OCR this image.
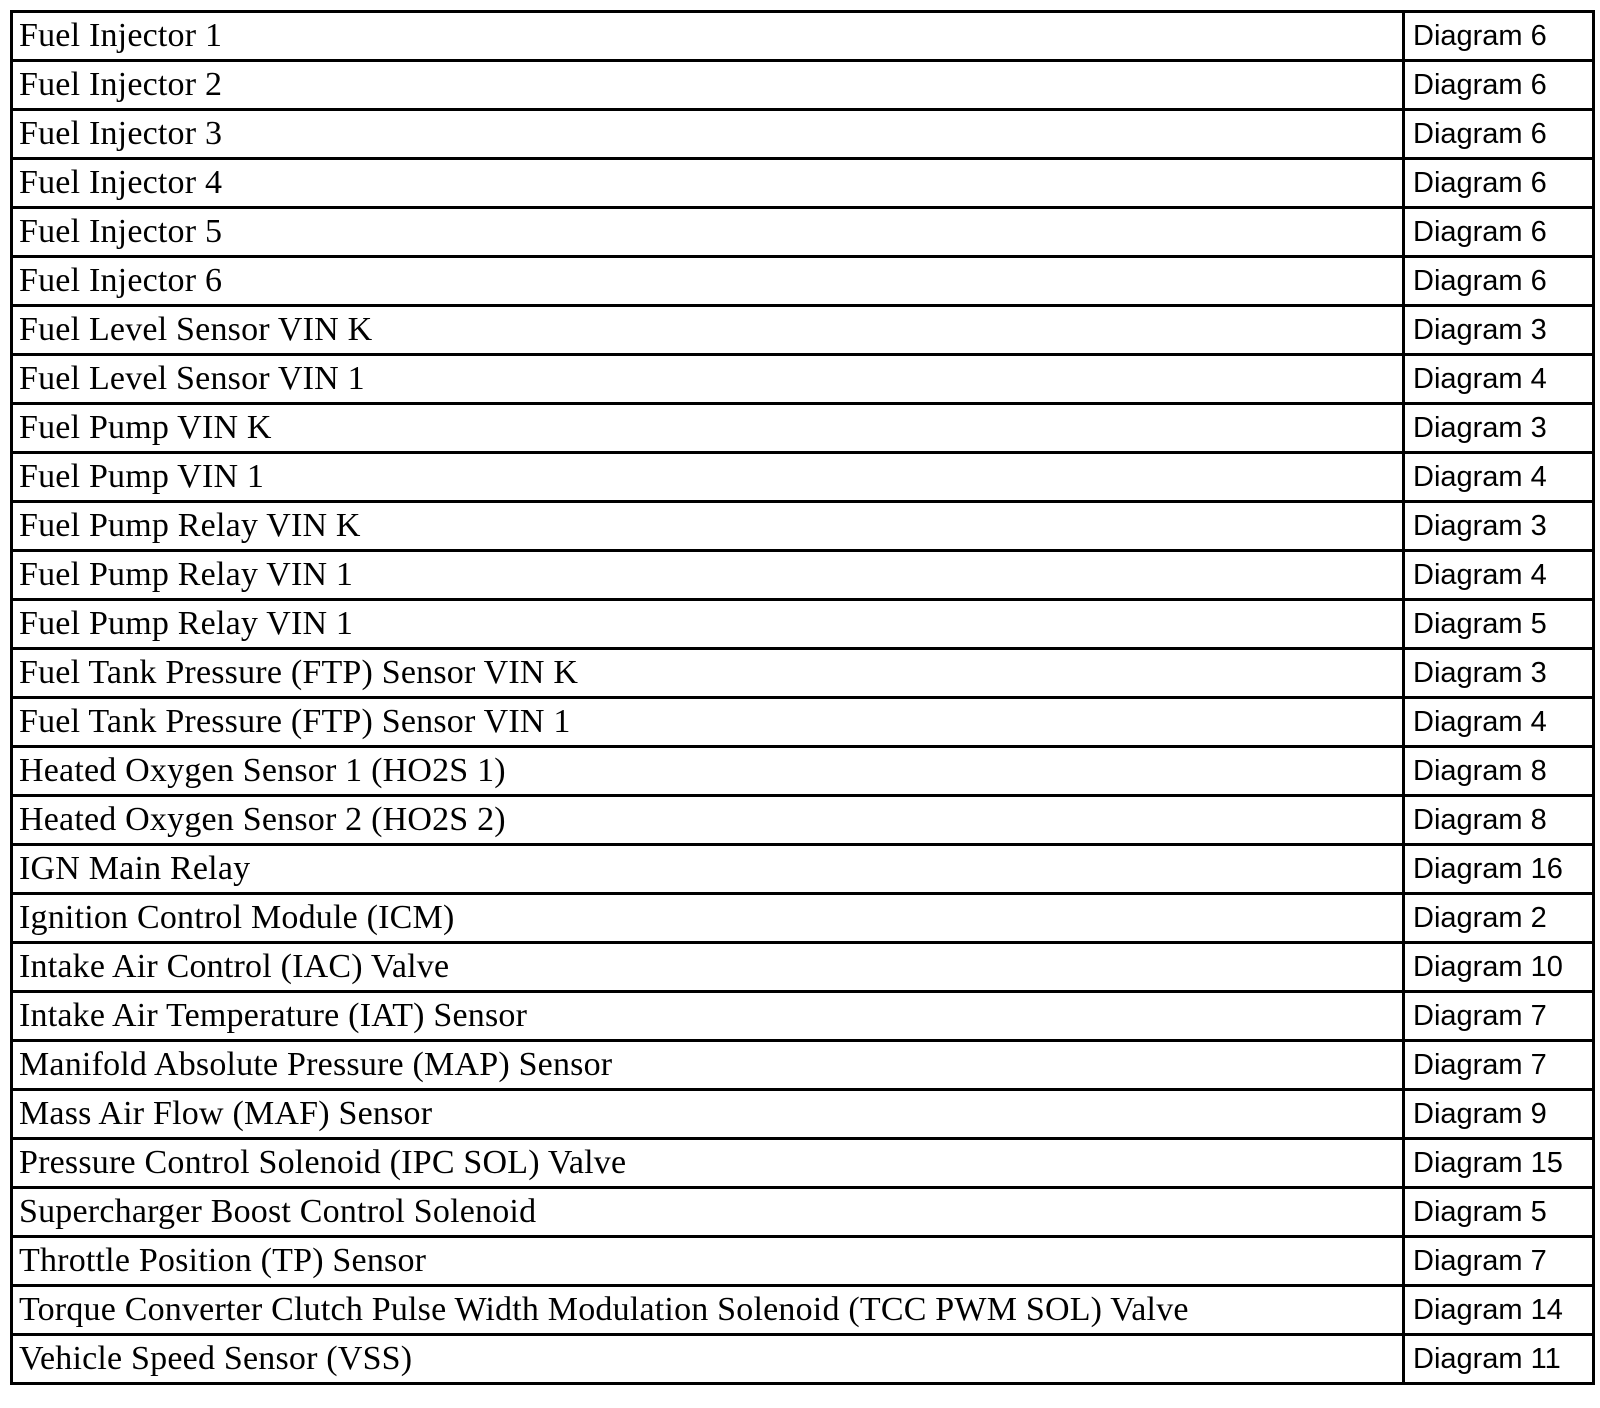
Fuel Injector 1	Diagram 6
Fuel Injector 2	Diagram 6
Fuel Injector 3	Diagram 6
Fuel Injector 4	Diagram 6
Fuel Injector 5	Diagram 6
Fuel Injector 6	Diagram 6
Fuel Level Sensor VIN K	Diagram 3
Fuel Level Sensor VIN 1	Diagram 4
Fuel Pump VIN K	Diagram 3
Fuel Pump VIN 1	Diagram 4
Fuel Pump Relay VIN K	Diagram 3
Fuel Pump Relay VIN 1	Diagram 4
Fuel Pump Relay VIN 1	Diagram 5
Fuel Tank Pressure (FTP) Sensor VIN K	Diagram 3
Fuel Tank Pressure (FTP) Sensor VIN 1	Diagram 4
Heated Oxygen Sensor 1 (HO2S 1)	Diagram 8
Heated Oxygen Sensor 2 (HO2S 2)	Diagram 8
IGN Main Relay	Diagram 16
Ignition Control Module (ICM)	Diagram 2
Intake Air Control (IAC) Valve	Diagram 10
Intake Air Temperature (IAT) Sensor	Diagram 7
Manifold Absolute Pressure (MAP) Sensor	Diagram 7
Mass Air Flow (MAF) Sensor	Diagram 9
Pressure Control Solenoid (IPC SOL) Valve	Diagram 15
Supercharger Boost Control Solenoid	Diagram 5
Throttle Position (TP) Sensor	Diagram 7
Torque Converter Clutch Pulse Width Modulation Solenoid (TCC PWM SOL) Valve	Diagram 14
Vehicle Speed Sensor (VSS)	Diagram 11
